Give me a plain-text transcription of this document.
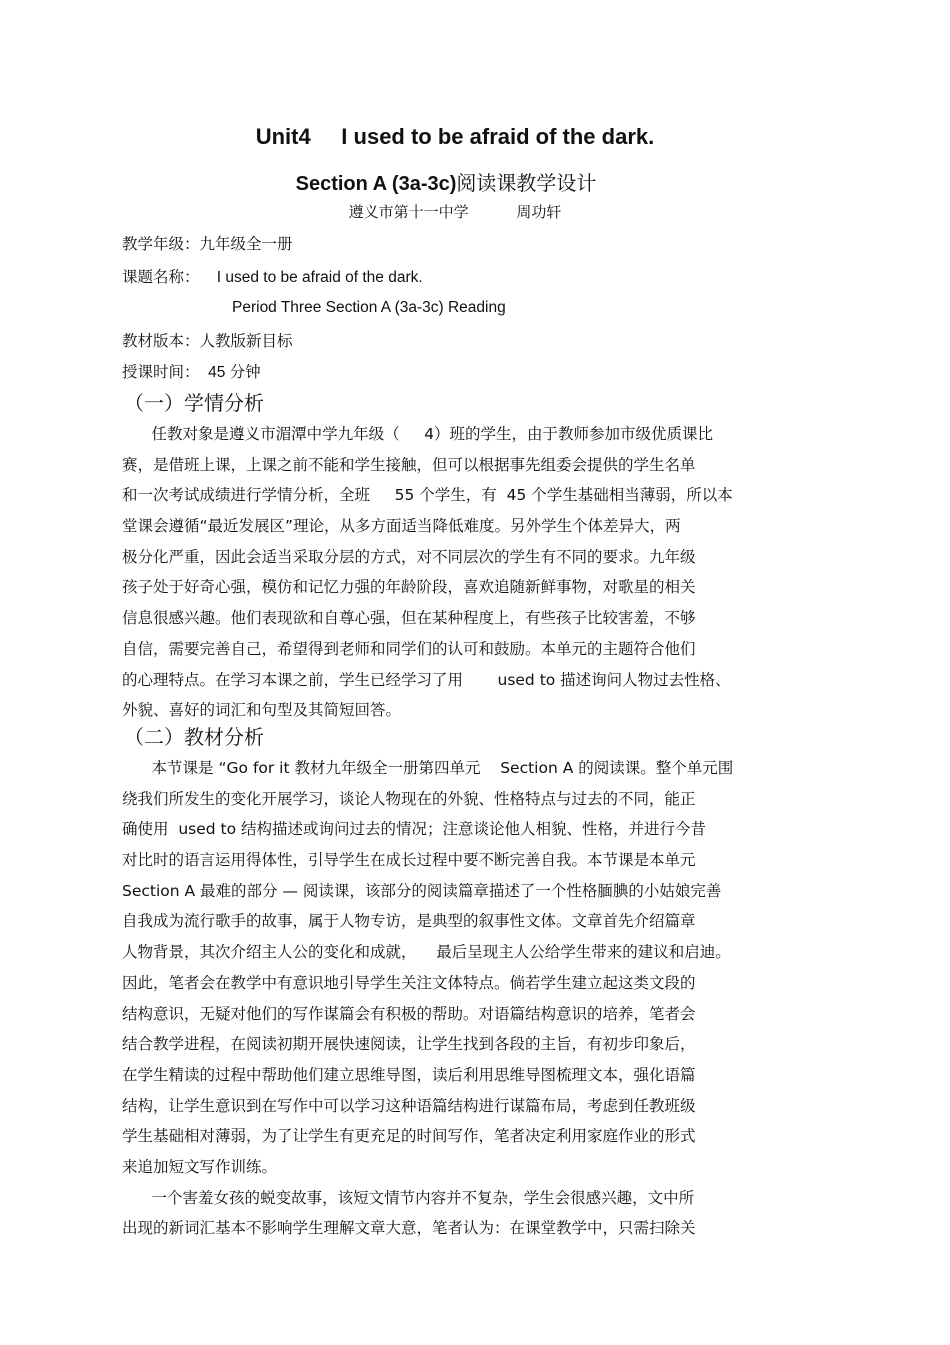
Unit4     I used to be afraid of the dark.
Section A (3a-3c)阅读课教学设计
遵义市第十一中学          周功轩
教学年级：九年级全一册
课题名称：    I used to be afraid of the dark.
Period Three Section A (3a-3c) Reading
教材版本：人教版新目标
授课时间：  45 分钟
（一）学情分析
任教对象是遵义市湄潭中学九年级（     4）班的学生，由于教师参加市级优质课比
赛，是借班上课，上课之前不能和学生接触，但可以根据事先组委会提供的学生名单
和一次考试成绩进行学情分析，全班     55 个学生，有  45 个学生基础相当薄弱，所以本
堂课会遵循“最近发展区”理论，从多方面适当降低难度。另外学生个体差异大，两
极分化严重，因此会适当采取分层的方式，对不同层次的学生有不同的要求。九年级
孩子处于好奇心强，模仿和记忆力强的年龄阶段，喜欢追随新鲜事物，对歌星的相关
信息很感兴趣。他们表现欲和自尊心强，但在某种程度上，有些孩子比较害羞，不够
自信，需要完善自己，希望得到老师和同学们的认可和鼓励。本单元的主题符合他们
的心理特点。在学习本课之前，学生已经学习了用       used to 描述询问人物过去性格、
外貌、喜好的词汇和句型及其简短回答。
（二）教材分析
本节课是 “Go for it 教材九年级全一册第四单元    Section A 的阅读课。整个单元围
绕我们所发生的变化开展学习，谈论人物现在的外貌、性格特点与过去的不同，能正
确使用  used to 结构描述或询问过去的情况；注意谈论他人相貌、性格，并进行今昔
对比时的语言运用得体性，引导学生在成长过程中要不断完善自我。本节课是本单元
Section A 最难的部分 — 阅读课，该部分的阅读篇章描述了一个性格腼腆的小姑娘完善
自我成为流行歌手的故事，属于人物专访，是典型的叙事性文体。文章首先介绍篇章
人物背景，其次介绍主人公的变化和成就，    最后呈现主人公给学生带来的建议和启迪。
因此，笔者会在教学中有意识地引导学生关注文体特点。倘若学生建立起这类文段的
结构意识，无疑对他们的写作谋篇会有积极的帮助。对语篇结构意识的培养，笔者会
结合教学进程，在阅读初期开展快速阅读，让学生找到各段的主旨，有初步印象后，
在学生精读的过程中帮助他们建立思维导图，读后利用思维导图梳理文本，强化语篇
结构，让学生意识到在写作中可以学习这种语篇结构进行谋篇布局，考虑到任教班级
学生基础相对薄弱，为了让学生有更充足的时间写作，笔者决定利用家庭作业的形式
来追加短文写作训练。
一个害羞女孩的蜕变故事，该短文情节内容并不复杂，学生会很感兴趣，文中所
出现的新词汇基本不影响学生理解文章大意，笔者认为：在课堂教学中，只需扫除关
